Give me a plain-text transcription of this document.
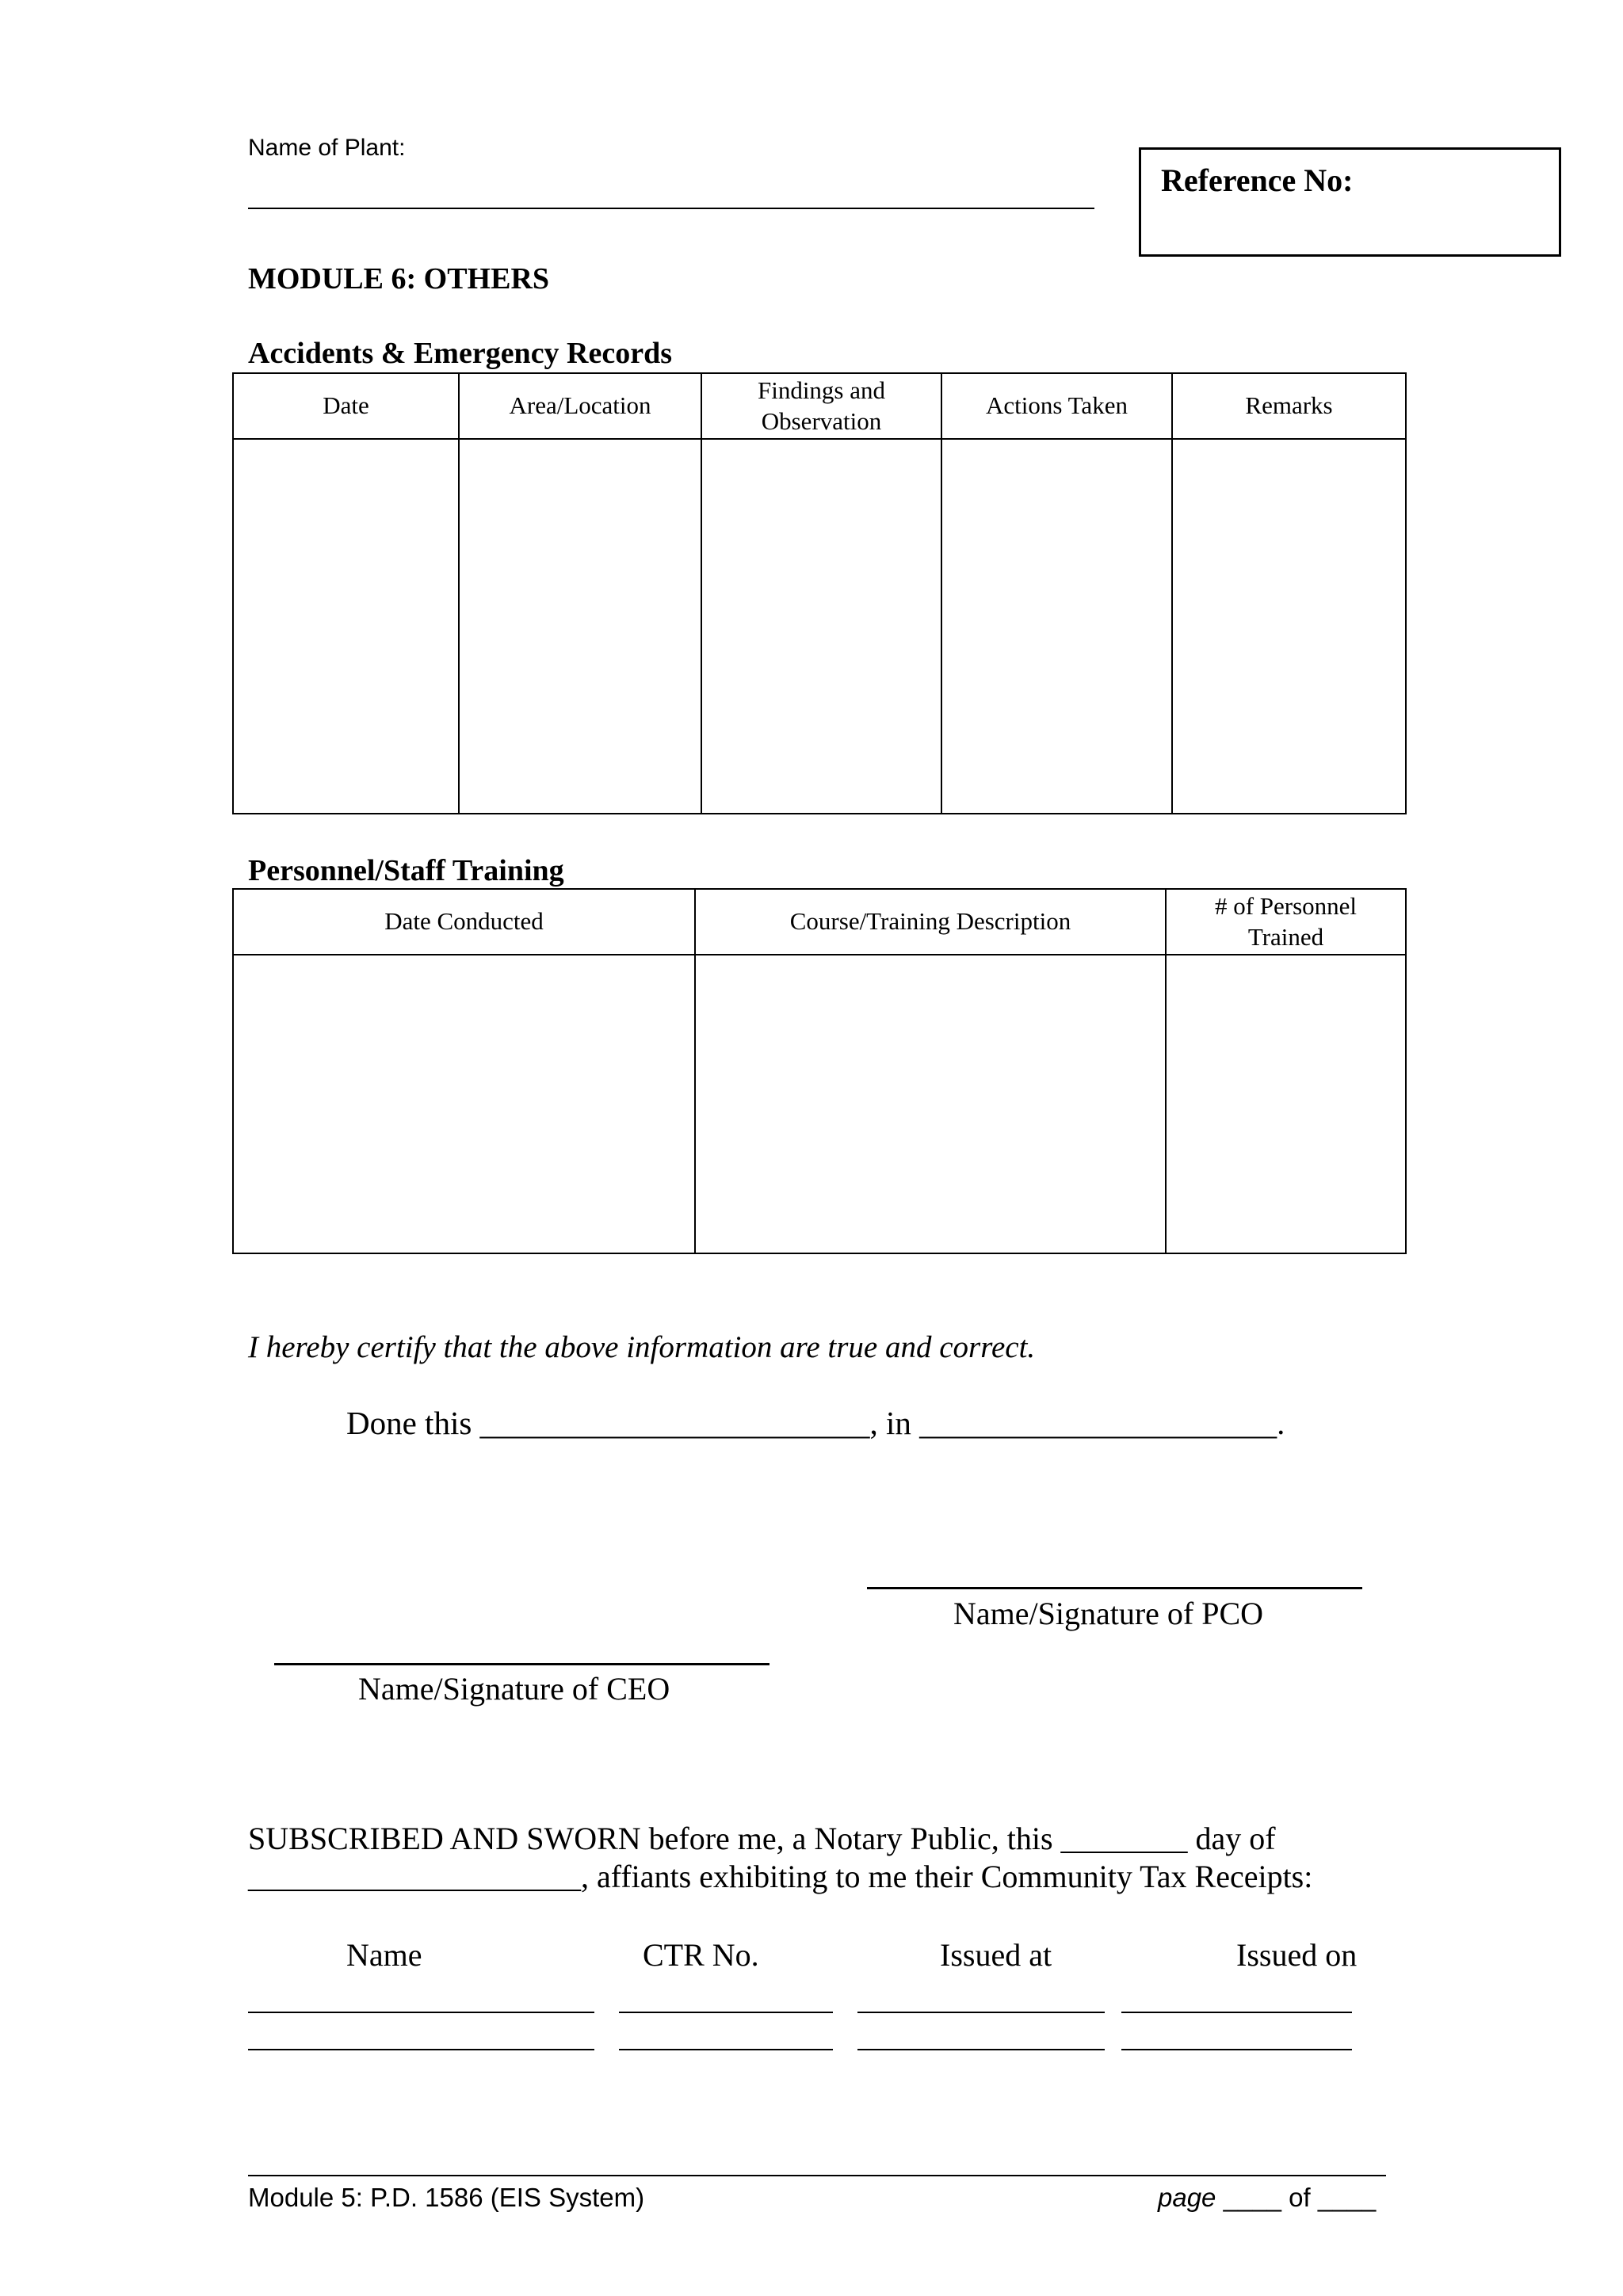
Name of Plant:
Reference No:
MODULE 6: OTHERS
Accidents & Emergency Records
Date	Area/Location	Findings and Observation	Actions Taken	Remarks

Personnel/Staff Training
Date Conducted	Course/Training Description	# of Personnel Trained

I hereby certify that the above information are true and correct.
Done this ________________________, in ______________________.
Name/Signature of PCO
Name/Signature of CEO
SUBSCRIBED AND SWORN before me, a Notary Public, this ________ day of
_____________________, affiants exhibiting to me their Community Tax Receipts:
Name	CTR No.	Issued at	Issued on
Module 5: P.D. 1586 (EIS System)	page ____ of ____
